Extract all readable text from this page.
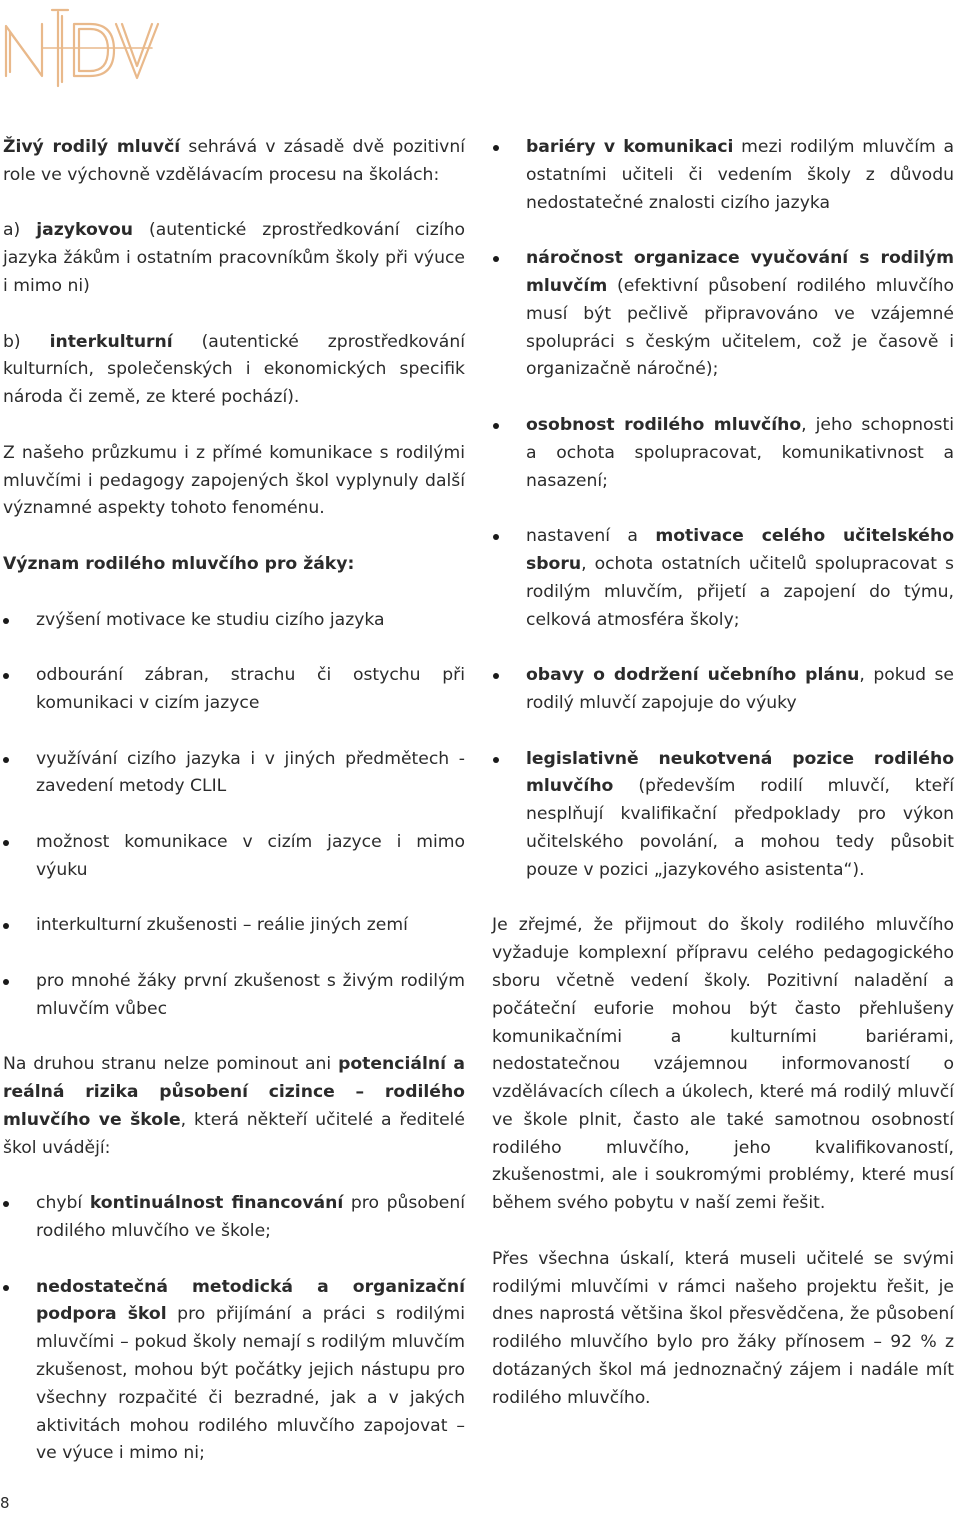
Živý rodilý mluvčí sehrává v zásadě dvě pozitivní role ve výchovně vzdělávacím procesu na školách:

a) jazykovou (autentické zprostředkování cizího jazyka žákům i ostatním pracovníkům školy při výuce i mimo ni)

b) interkulturní (autentické zprostředkování kulturních, společenských i ekonomických specifik národa či země, ze které pochází).

Z našeho průzkumu i z přímé komunikace s rodilými mluvčími i pedagogy zapojených škol vyplynuly další významné aspekty tohoto fenoménu.

Význam rodilého mluvčího pro žáky:

zvýšení motivace ke studiu cizího jazyka
odbourání zábran, strachu či ostychu při komunikaci v cizím jazyce
využívání cizího jazyka i v jiných předmětech - zavedení metody CLIL
možnost komunikace v cizím jazyce i mimo výuku
interkulturní zkušenosti – reálie jiných zemí
pro mnohé žáky první zkušenost s živým rodilým mluvčím vůbec

Na druhou stranu nelze pominout ani potenciální a reálná rizika působení cizince – rodilého mluvčího ve škole, která někteří učitelé a ředitelé škol uvádějí:

chybí kontinuálnost financování pro působení rodilého mluvčího ve škole;
nedostatečná metodická a organizační podpora škol pro přijímání a práci s rodilými mluvčími – pokud školy nemají s rodilým mluvčím zkušenost, mohou být počátky jejich nástupu pro všechny rozpačité či bezradné, jak a v jakých aktivitách mohou rodilého mluvčího zapojovat – ve výuce i mimo ni;
bariéry v komunikaci mezi rodilým mluvčím a ostatními učiteli či vedením školy z důvodu nedostatečné znalosti cizího jazyka
náročnost organizace vyučování s rodilým mluvčím (efektivní působení rodilého mluvčího musí být pečlivě připravováno ve vzájemné spolupráci s českým učitelem, což je časově i organizačně náročné);
osobnost rodilého mluvčího, jeho schopnosti a ochota spolupracovat, komunikativnost a nasazení;
nastavení a motivace celého učitelského sboru, ochota ostatních učitelů spolupracovat s rodilým mluvčím, přijetí a zapojení do týmu, celková atmosféra školy;
obavy o dodržení učebního plánu, pokud se rodilý mluvčí zapojuje do výuky
legislativně neukotvená pozice rodilého mluvčího (především rodilí mluvčí, kteří nesplňují kvalifikační předpoklady pro výkon učitelského povolání, a mohou tedy působit pouze v pozici „jazykového asistenta“).

Je zřejmé, že přijmout do školy rodilého mluvčího vyžaduje komplexní přípravu celého pedagogického sboru včetně vedení školy. Pozitivní naladění a počáteční euforie mohou být často přehlušeny komunikačními a kulturními bariérami, nedostatečnou vzájemnou informovaností o vzdělávacích cílech a úkolech, které má rodilý mluvčí ve škole plnit, často ale také samotnou osobností rodilého mluvčího, jeho kvalifikovaností, zkušenostmi, ale i soukromými problémy, které musí během svého pobytu v naší zemi řešit.

Přes všechna úskalí, která museli učitelé se svými rodilými mluvčími v rámci našeho projektu řešit, je dnes naprostá většina škol přesvědčena, že působení rodilého mluvčího bylo pro žáky přínosem – 92 % z dotázaných škol má jednoznačný zájem i nadále mít rodilého mluvčího.

8
